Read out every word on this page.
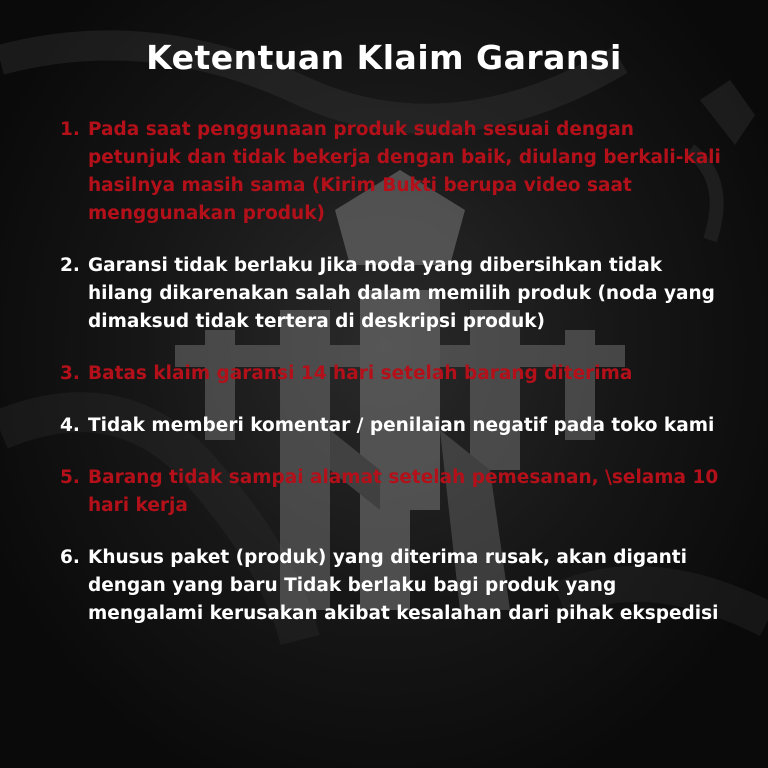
Ketentuan Klaim Garansi
1. Pada saat penggunaan produk sudah sesuai dengan petunjuk dan tidak bekerja dengan baik, diulang berkali-kali hasilnya masih sama (Kirim Bukti berupa video saat menggunakan produk)
2. Garansi tidak berlaku Jika noda yang dibersihkan tidak hilang dikarenakan salah dalam memilih produk (noda yang dimaksud tidak tertera di deskripsi produk)
3. Batas klaim garansi 14 hari setelah barang diterima
4. Tidak memberi komentar / penilaian negatif pada toko kami
5. Barang tidak sampai alamat setelah pemesanan, \selama 10 hari kerja
6. Khusus paket (produk) yang diterima rusak, akan diganti dengan yang baru Tidak berlaku bagi produk yang mengalami kerusakan akibat kesalahan dari pihak ekspedisi
